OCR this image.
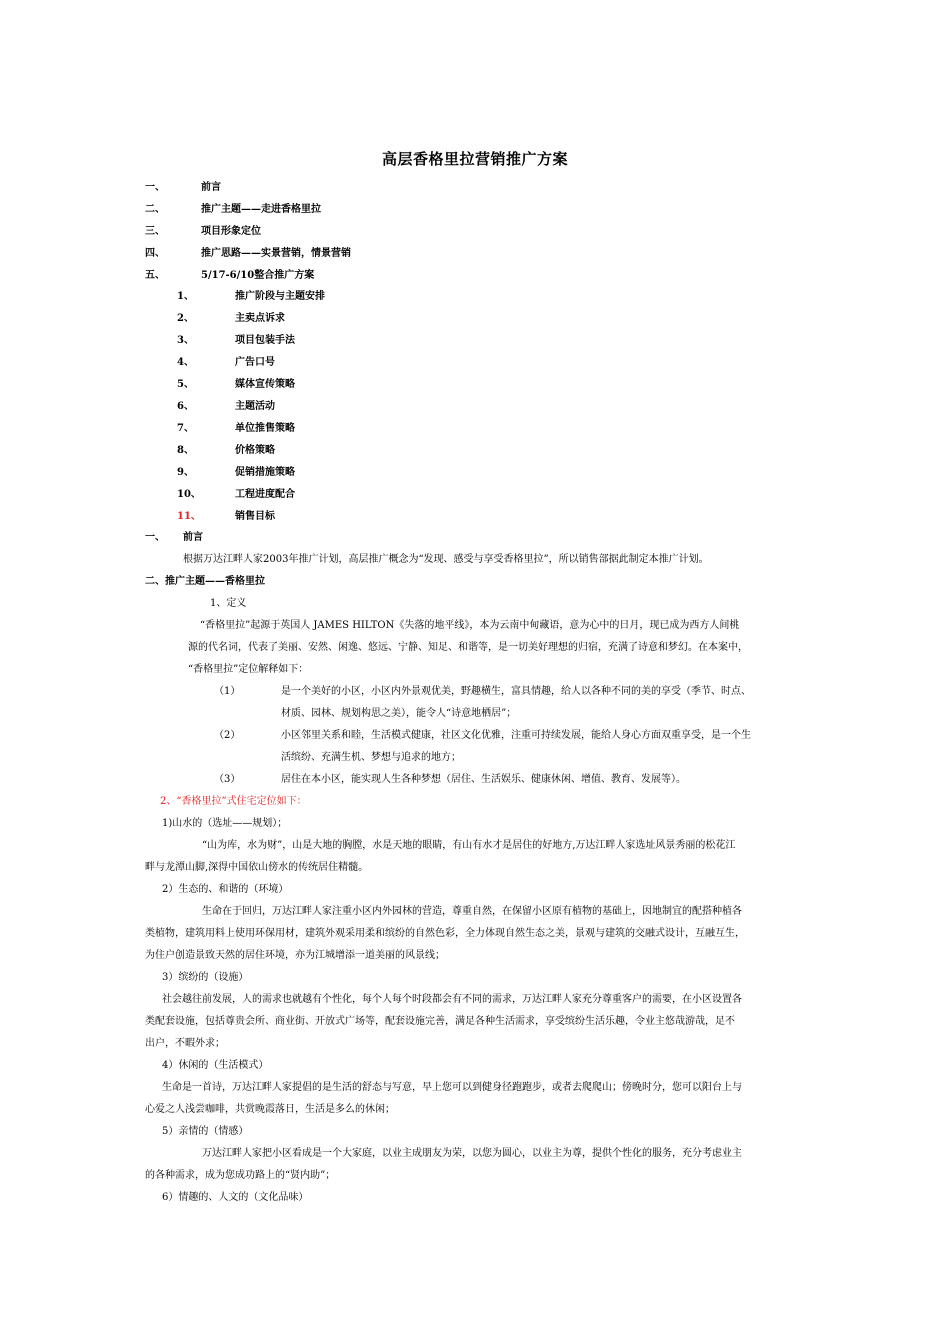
高层香格里拉营销推广方案
一、	前言
二、	推广主题——走进香格里拉
三、	项目形象定位
四、	推广思路——实景营销，情景营销
五、	5/17-6/10整合推广方案
1、	推广阶段与主题安排
2、	主卖点诉求
3、	项目包装手法
4、	广告口号
5、	媒体宣传策略
6、	主题活动
7、	单位推售策略
8、	价格策略
9、	促销措施策略
10、	工程进度配合
11、	销售目标
一、 前言
根据万达江畔人家2003年推广计划，高层推广概念为“发现、感受与享受香格里拉”，所以销售部据此制定本推广计划。
二、推广主题——香格里拉
1、定义
“香格里拉”起源于英国人 JAMES HILTON《失落的地平线》，本为云南中甸藏语，意为心中的日月，现已成为西方人间桃
源的代名词，代表了美丽、安然、闲逸、悠远、宁静、知足、和谐等，是一切美好理想的归宿，充满了诗意和梦幻。在本案中，
“香格里拉”定位解释如下：
（1）	是一个美好的小区，小区内外景观优美，野趣横生，富具情趣，给人以各种不同的美的享受（季节、时点、
材质、园林、规划构思之美），能令人“诗意地栖居”；
（2）	小区邻里关系和睦，生活模式健康，社区文化优雅，注重可持续发展，能给人身心方面双重享受，是一个生
活缤纷、充满生机、梦想与追求的地方；
（3）	居住在本小区，能实现人生各种梦想（居住、生活娱乐、健康休闲、增值、教育、发展等）。
2、“香格里拉”式住宅定位如下：
1)山水的（选址——规划）；
“山为库，水为财”，山是大地的胸膛，水是天地的眼睛，有山有水才是居住的好地方,万达江畔人家选址风景秀丽的松花江
畔与龙潭山脚,深得中国依山傍水的传统居住精髓。
2）生态的、和谐的（环境）
生命在于回归，万达江畔人家注重小区内外园林的营造，尊重自然，在保留小区原有植物的基础上，因地制宜的配搭种植各
类植物，建筑用料上使用环保用材，建筑外观采用柔和缤纷的自然色彩，全力体现自然生态之美，景观与建筑的交融式设计，互融互生，
为住户创造景致天然的居住环境，亦为江城增添一道美丽的风景线；
3）缤纷的（设施）
社会越往前发展，人的需求也就越有个性化，每个人每个时段都会有不同的需求，万达江畔人家充分尊重客户的需要，在小区设置各
类配套设施，包括尊贵会所、商业街、开放式广场等，配套设施完善，满足各种生活需求，享受缤纷生活乐趣，令业主悠哉游哉，足不
出户，不暇外求；
4）休闲的（生活模式）
生命是一首诗，万达江畔人家提倡的是生活的舒态与写意，早上您可以到健身径跑跑步，或者去爬爬山；傍晚时分，您可以阳台上与
心爱之人浅尝咖啡，共赏晚霞落日，生活是多么的休闲；
5）亲情的（情感）
万达江畔人家把小区看成是一个大家庭，以业主成朋友为荣，以您为圆心，以业主为尊，提供个性化的服务，充分考虑业主
的各种需求，成为您成功路上的“贤内助”；
6）情趣的、人文的（文化品味）
